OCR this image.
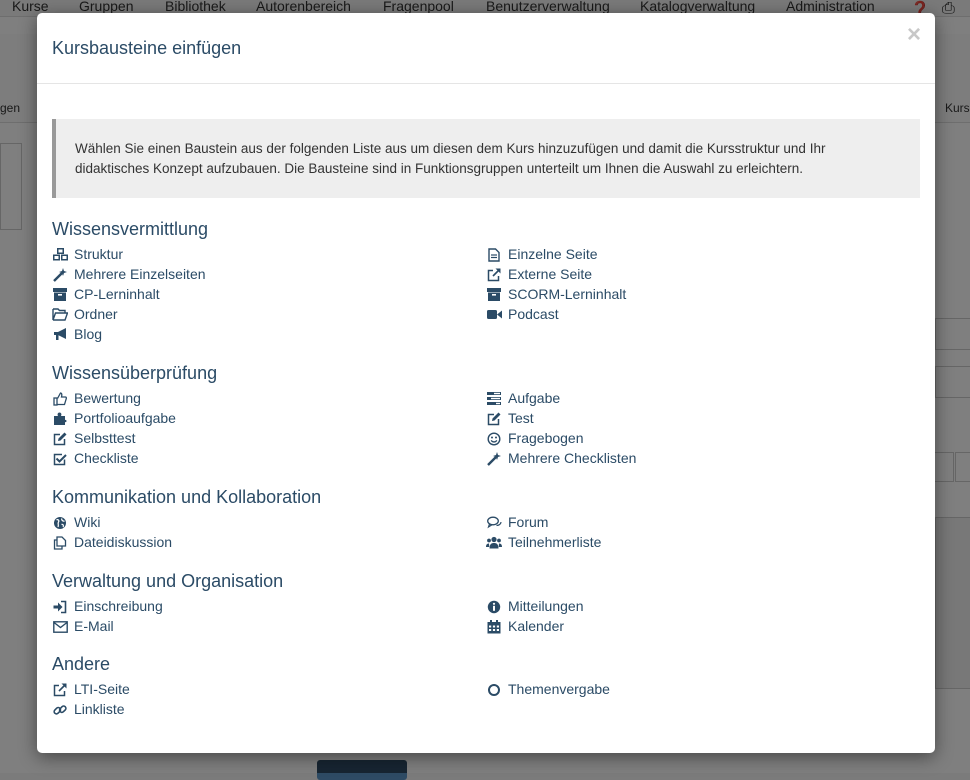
Kursbausteine einfügen	×
Wählen Sie einen Baustein aus der folgenden Liste aus um diesen dem Kurs hinzuzufügen und damit die Kursstruktur und Ihr didaktisches Konzept aufzubauen. Die Bausteine sind in Funktionsgruppen unterteilt um Ihnen die Auswahl zu erleichtern.
Wissensvermittlung
Struktur
Mehrere Einzelseiten
CP-Lerninhalt
Ordner
Blog
Einzelne Seite
Externe Seite
SCORM-Lerninhalt
Podcast
Wissensüberprüfung
Bewertung
Portfolioaufgabe
Selbsttest
Checkliste
Aufgabe
Test
Fragebogen
Mehrere Checklisten
Kommunikation und Kollaboration
Wiki
Dateidiskussion
Forum
Teilnehmerliste
Verwaltung und Organisation
Einschreibung
E-Mail
Mitteilungen
Kalender
Andere
LTI-Seite
Linkliste
Themenvergabe
